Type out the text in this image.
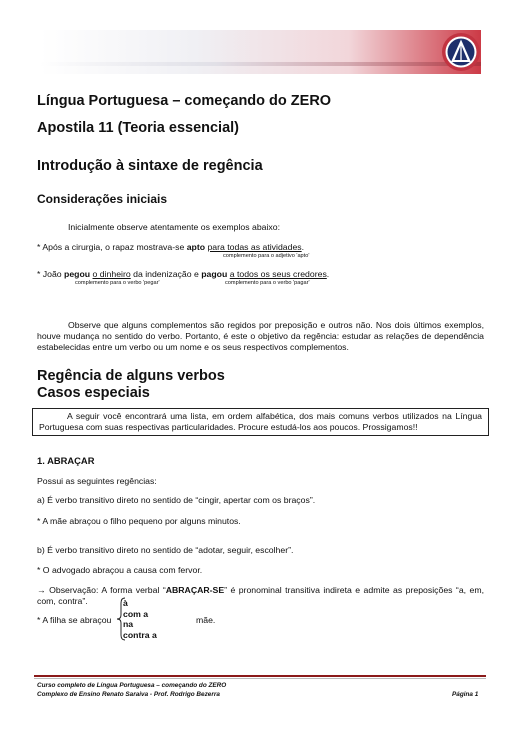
Língua Portuguesa – começando do ZERO
Apostila 11 (Teoria essencial)
Introdução à sintaxe de regência
Considerações iniciais
Inicialmente observe atentamente os exemplos abaixo:
* Após a cirurgia, o rapaz mostrava-se apto para todas as atividades.
complemento para o adjetivo 'apto'
* João pegou o dinheiro da indenização e pagou a todos os seus credores.
complemento para o verbo 'pegar'	complemento para o verbo 'pagar'
Observe que alguns complementos são regidos por preposição e outros não. Nos dois últimos exemplos, houve mudança no sentido do verbo. Portanto, é este o objetivo da regência: estudar as relações de dependência estabelecidas entre um verbo ou um nome e os seus respectivos complementos.
Regência de alguns verbos
Casos especiais
A seguir você encontrará uma lista, em ordem alfabética, dos mais comuns verbos utilizados na Língua Portuguesa com suas respectivas particularidades. Procure estudá-los aos poucos. Prossigamos!!
1. ABRAÇAR
Possui as seguintes regências:
a) É verbo transitivo direto no sentido de “cingir, apertar com os braços”.
* A mãe abraçou o filho pequeno por alguns minutos.
b) É verbo transitivo direto no sentido de “adotar, seguir, escolher”.
* O advogado abraçou a causa com fervor.
→ Observação: A forma verbal “ABRAÇAR-SE” é pronominal transitiva indireta e admite as preposições “a, em, com, contra”.
* A filha se abraçou
à
com a
na
contra a
mãe.
Curso completo de Língua Portuguesa – começando do ZERO
Complexo de Ensino Renato Saraiva - Prof. Rodrigo Bezerra	Página 1
